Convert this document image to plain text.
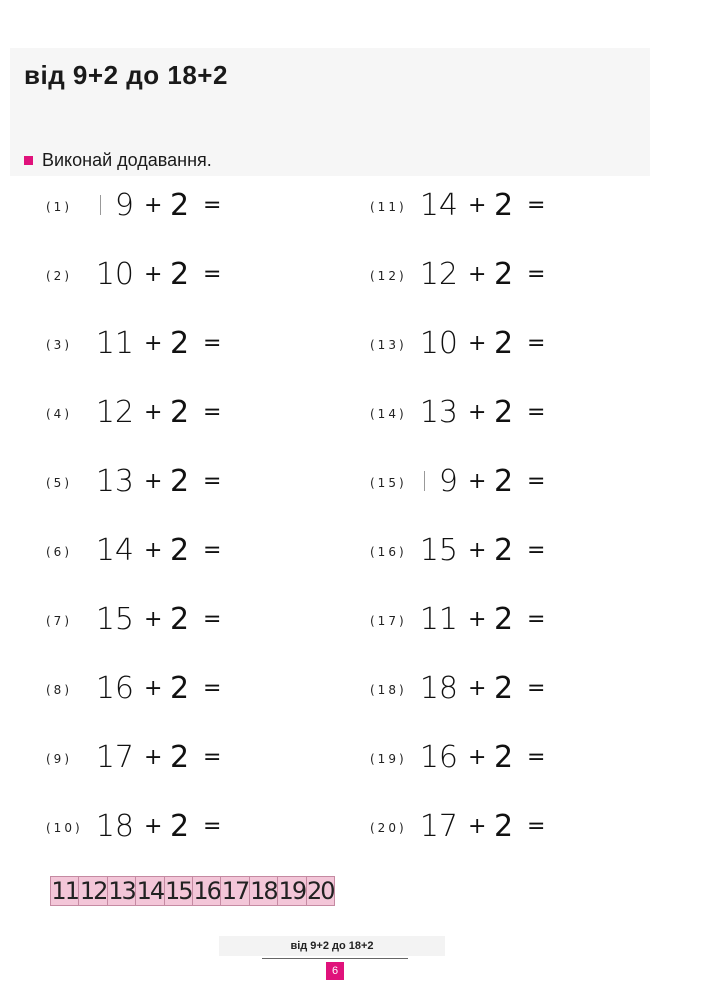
від 9+2 до 18+2
Виконай додавання.
(1)	9 + 2 =
(2) 10 + 2 =
(3) 11 + 2 =
(4) 12 + 2 =
(5) 13 + 2 =
(6) 14 + 2 =
(7) 15 + 2 =
(8) 16 + 2 =
(9) 17 + 2 =
(10) 18 + 2 =
(11) 14 + 2 =
(12) 12 + 2 =
(13) 10 + 2 =
(14) 13 + 2 =
(15)	9 + 2 =
(16) 15 + 2 =
(17) 11 + 2 =
(18) 18 + 2 =
(19) 16 + 2 =
(20) 17 + 2 =
11 12 13 14 15 16 17 18 19 20
від 9+2 до 18+2
6
